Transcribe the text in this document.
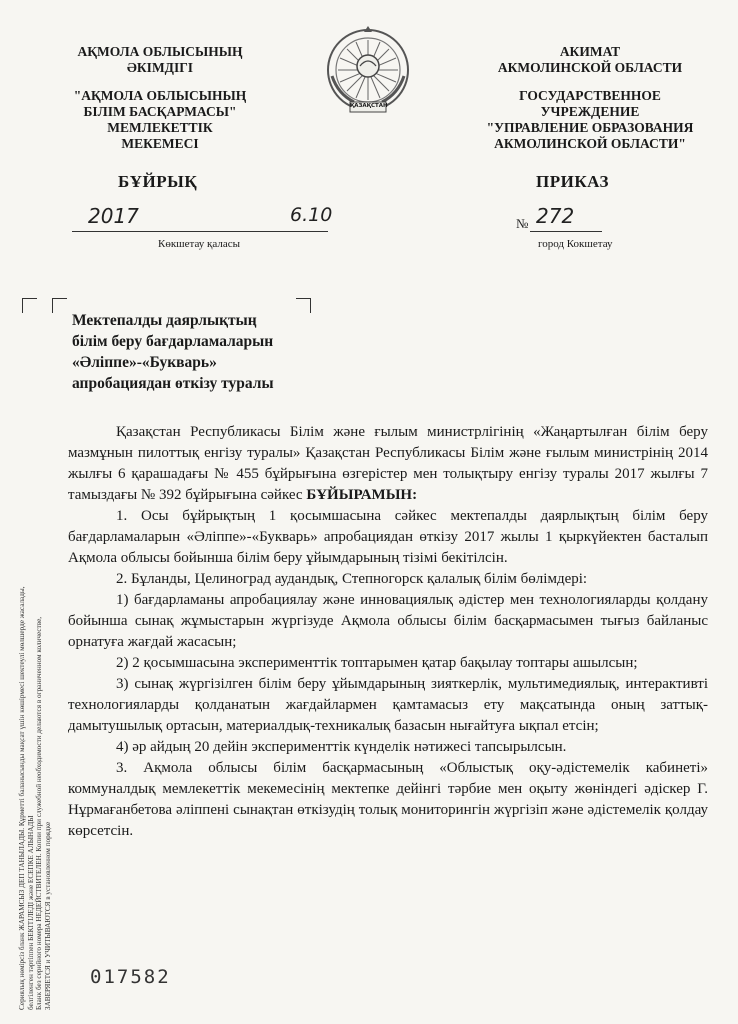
АҚМОЛА ОБЛЫСЫНЫҢ
ӘКІМДІГІ
"АҚМОЛА ОБЛЫСЫНЫҢ
БІЛІМ БАСҚАРМАСЫ"
МЕМЛЕКЕТТІК
МЕКЕМЕСІ
ҚАЗАҚСТАН
АКИМАТ
АКМОЛИНСКОЙ ОБЛАСТИ
ГОСУДАРСТВЕННОЕ
УЧРЕЖДЕНИЕ
"УПРАВЛЕНИЕ ОБРАЗОВАНИЯ
АКМОЛИНСКОЙ ОБЛАСТИ"
БҰЙРЫҚ	ПРИКАЗ
2017	6.10	№ 272
Көкшетау қаласы	город Кокшетау
Мектепалды даярлықтың
білім беру бағдарламаларын
«Әліппе»-«Букварь»
апробациядан өткізу туралы

Қазақстан Республикасы Білім және ғылым министрлігінің «Жаңартылған білім беру мазмұнын пилоттық енгізу туралы» Қазақстан Республикасы Білім және ғылым министрінің 2014 жылғы 6 қарашадағы № 455 бұйрығына өзгерістер мен толықтыру енгізу туралы 2017 жылғы 7 тамыздағы № 392 бұйрығына сәйкес БҰЙЫРАМЫН:

1. Осы бұйрықтың 1 қосымшасына сәйкес мектепалды даярлықтың білім беру бағдарламаларын «Әліппе»-«Букварь» апробациядан өткізу 2017 жылы 1 қыркүйектен басталып Ақмола облысы бойынша білім беру ұйымдарының тізімі бекітілсін.

2. Бұланды, Целиноград аудандық, Степногорск қалалық білім бөлімдері:

1) бағдарламаны апробациялау және инновациялық әдістер мен технологияларды қолдану бойынша сынақ жұмыстарын жүргізуде Ақмола облысы білім басқармасымен тығыз байланыс орнатуға жағдай жасасын;

2) 2 қосымшасына эксперименттік топтарымен қатар бақылау топтары ашылсын;

3) сынақ жүргізілген білім беру ұйымдарының зияткерлік, мультимедиялық, интерактивті технологияларды қолданатын жағдайлармен қамтамасыз ету мақсатында оның заттық-дамытушылық ортасын, материалдық-техникалық базасын нығайтуға ықпал етсін;

4) әр айдың 20 дейін эксперименттік күнделік нәтижесі тапсырылсын.

3. Ақмола облысы білім басқармасының «Облыстық оқу-әдістемелік кабинеті» коммуналдық мемлекеттік мекемесінің мектепке дейінгі тәрбие мен оқыту жөніндегі әдіскер Г. Нұрмағанбетова әліппені сынақтан өткізудің толық мониторингін жүргізіп және әдістемелік қолдау көрсетсін.

Сериялық нөмірсіз бланк ЖАРАМСЫЗ ДЕП ТАНЫЛАДЫ. Құрметті баланысынды мақсат үшін көшірмесі шектеулі мөлшерде жасалады, белгіленген тәртіппен БЕКІТІЛЕДІ және ЕСЕПКЕ АЛЫНАДЫ Бланк без серийного номера НЕДЕЙСТВИТЕЛЕН. Копии при служебной необходимости делаются в ограниченном количестве, ЗАВЕРЯЕТСЯ и УЧИТЫВАЮТСЯ в установленном порядке 017582
